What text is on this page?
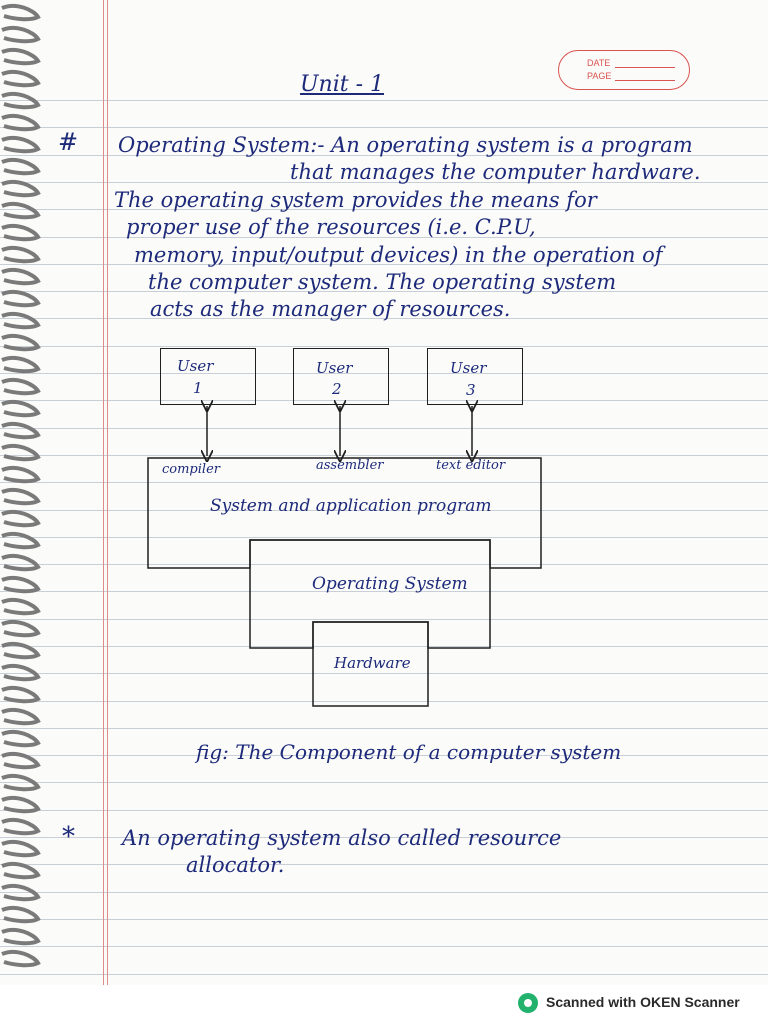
DATE
PAGE
Unit - 1
# Operating System:- An operating system is a program
that manages the computer hardware.
The operating system provides the means for
proper use of the resources (i.e. C.P.U,
memory, input/output devices) in the operation of
the computer system. The operating system
acts as the manager of resources.
User
1
User
2
User
3
compiler	assembler	text editor
System and application program
Operating System
Hardware
fig: The Component of a computer system
* An operating system also called resource
allocator.
Scanned with OKEN Scanner
